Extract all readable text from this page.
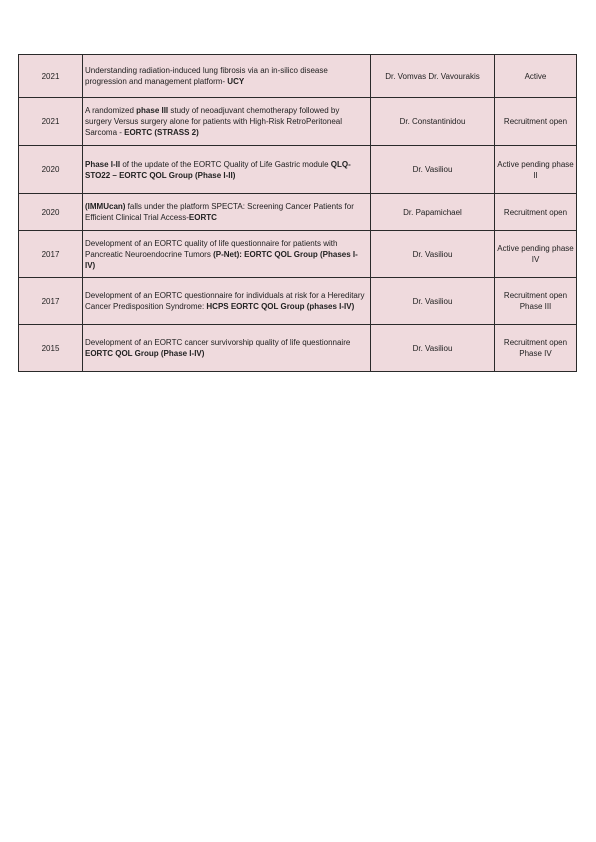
2021	Understanding radiation-induced lung fibrosis via an in-silico disease progression and management platform- UCY	Dr. Vomvas Dr. Vavourakis	Active
2021	A randomized phase III study of neoadjuvant chemotherapy followed by surgery Versus surgery alone for patients with High-Risk RetroPeritoneal Sarcoma - EORTC (STRASS 2)	Dr. Constantinidou	Recruitment open
2020	Phase I-II of the update of the EORTC Quality of Life Gastric module QLQ-STO22 – EORTC QOL Group (Phase I-II)	Dr. Vasiliou	Active pending phase II
2020	(IMMUcan) falls under the platform SPECTA: Screening Cancer Patients for Efficient Clinical Trial Access-EORTC	Dr. Papamichael	Recruitment open
2017	Development of an EORTC quality of life questionnaire for patients with Pancreatic Neuroendocrine Tumors (P-Net): EORTC QOL Group (Phases I-IV)	Dr. Vasiliou	Active pending phase IV
2017	Development of an EORTC questionnaire for individuals at risk for a Hereditary Cancer Predisposition Syndrome: HCPS EORTC QOL Group (phases I-IV)	Dr. Vasiliou	Recruitment open Phase III
2015	Development of an EORTC cancer survivorship quality of life questionnaire EORTC QOL Group (Phase I-IV)	Dr. Vasiliou	Recruitment open Phase IV
